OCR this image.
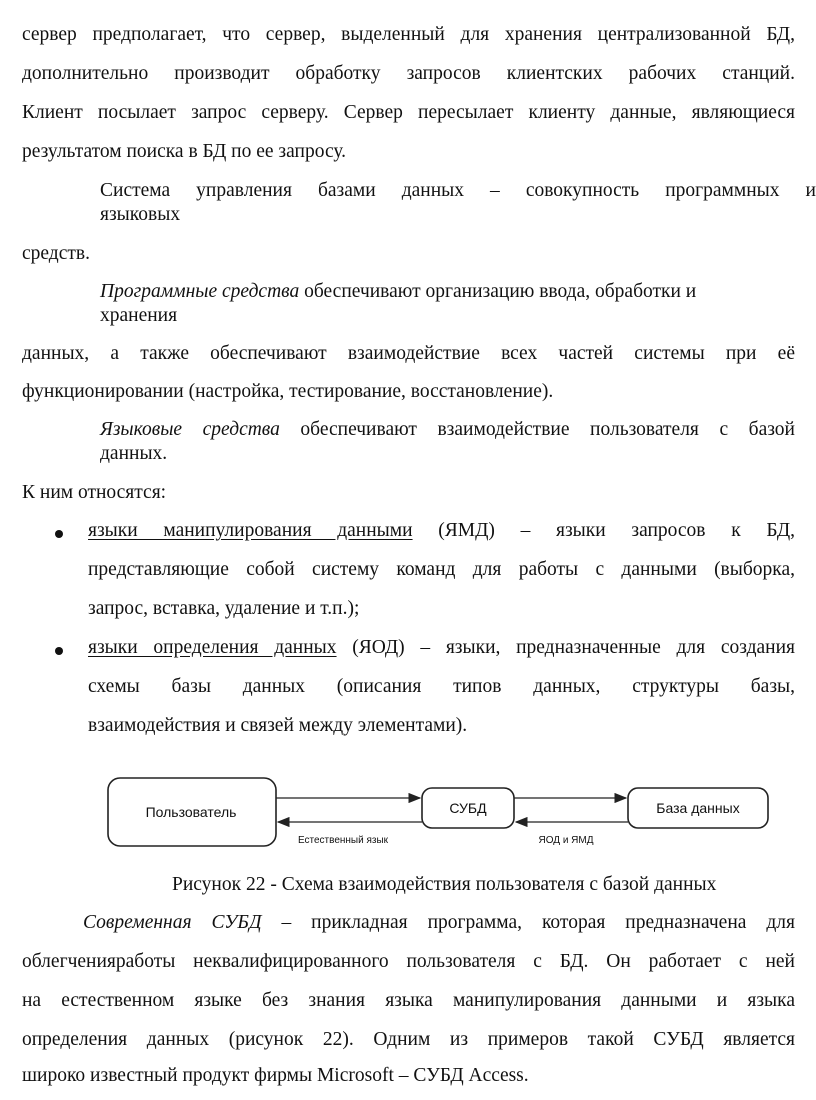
сервер предполагает, что сервер, выделенный для хранения централизованной БД,
дополнительно производит обработку запросов клиентских рабочих станций.
Клиент посылает запрос серверу. Сервер пересылает клиенту данные, являющиеся
результатом поиска в БД по ее запросу.
Система управления базами данных – совокупность программных и
языковых
средств.
Программные средства обеспечивают организацию ввода, обработки и
хранения
данных, а также обеспечивают взаимодействие всех частей системы при её
функционировании (настройка, тестирование, восстановление).
Языковые средства обеспечивают взаимодействие пользователя с базой
данных.
К ним относятся:
языки манипулирования данными (ЯМД) – языки запросов к БД,
представляющие собой систему команд для работы с данными (выборка,
запрос, вставка, удаление и т.п.);
языки определения данных (ЯОД) – языки, предназначенные для создания
схемы базы данных (описания типов данных, структуры базы,
взаимодействия и связей между элементами).
Пользователь	СУБД	База данных
Естественный язык	ЯОД и ЯМД
Рисунок 22 - Схема взаимодействия пользователя с базой данных
Современная СУБД – прикладная программа, которая предназначена для
облегченияработы неквалифицированного пользователя с БД. Он работает с ней
на естественном языке без знания языка манипулирования данными и языка
определения данных (рисунок 22). Одним из примеров такой СУБД является
широко известный продукт фирмы Microsoft – СУБД Access.
